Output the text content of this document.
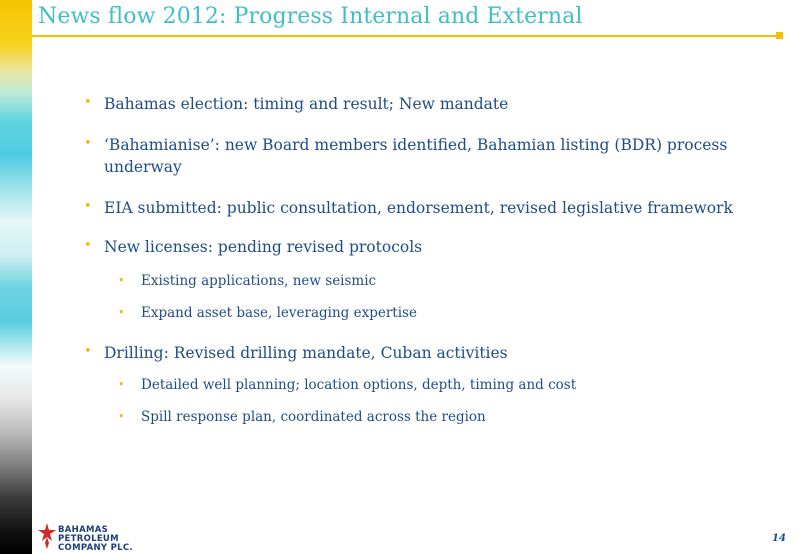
News flow 2012: Progress Internal and External
• Bahamas election: timing and result; New mandate
• ‘Bahamianise’: new Board members identified, Bahamian listing (BDR) process
underway
• EIA submitted: public consultation, endorsement, revised legislative framework
• New licenses: pending revised protocols
• Existing applications, new seismic
• Expand asset base, leveraging expertise
• Drilling: Revised drilling mandate, Cuban activities
• Detailed well planning; location options, depth, timing and cost
• Spill response plan, coordinated across the region
BAHAMAS
PETROLEUM
COMPANY PLC.
14
